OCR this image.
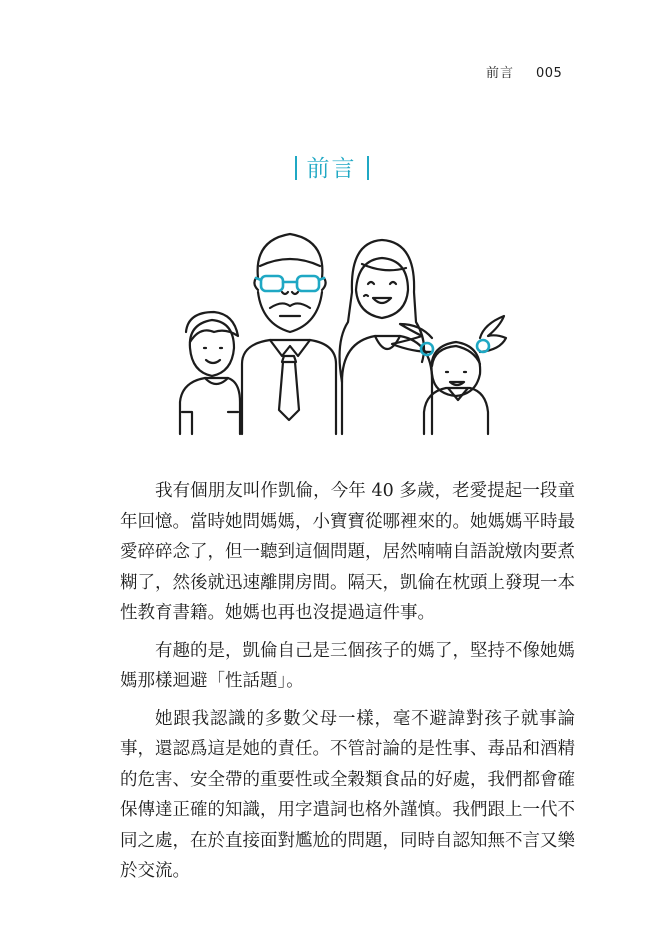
前言 005
前言

我有個朋友叫作凱倫，今年 40 多歲，老愛提起一段童年回憶。當時她問媽媽，小寶寶從哪裡來的。她媽媽平時最愛碎碎念了，但一聽到這個問題，居然喃喃自語說燉肉要煮糊了，然後就迅速離開房間。隔天，凱倫在枕頭上發現一本性教育書籍。她媽也再也沒提過這件事。

有趣的是，凱倫自己是三個孩子的媽了，堅持不像她媽媽那樣迴避「性話題」。

她跟我認識的多數父母一樣，毫不避諱對孩子就事論事，還認爲這是她的責任。不管討論的是性事、毒品和酒精的危害、安全帶的重要性或全穀類食品的好處，我們都會確保傳達正確的知識，用字遣詞也格外謹慎。我們跟上一代不同之處，在於直接面對尷尬的問題，同時自認知無不言又樂於交流。
